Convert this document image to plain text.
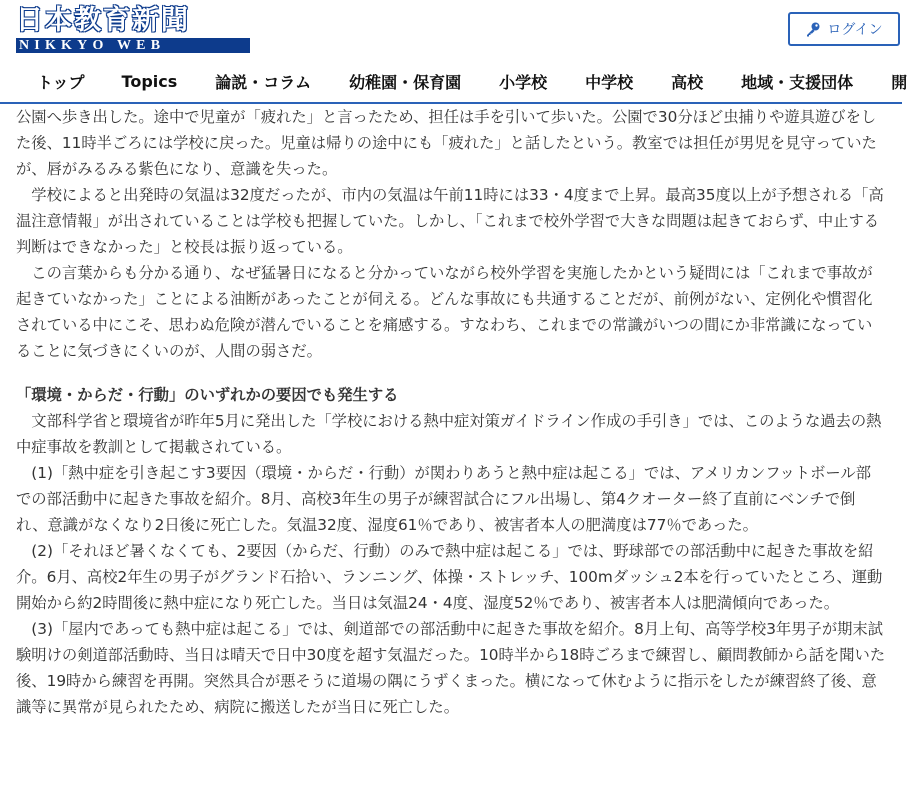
日本教育新聞
NIKKYO WEB
ログイン
トップ Topics 論説・コラム 幼稚園・保育園 小学校 中学校 高校 地域・支援団体 開

公園へ歩き出した。途中で児童が「疲れた」と言ったため、担任は手を引いて歩いた。公園で30分ほど虫捕りや遊具遊びをした後、11時半ごろには学校に戻った。児童は帰りの途中にも「疲れた」と話したという。教室では担任が男児を見守っていたが、唇がみるみる紫色になり、意識を失った。

学校によると出発時の気温は32度だったが、市内の気温は午前11時には33・4度まで上昇。最高35度以上が予想される「高温注意情報」が出されていることは学校も把握していた。しかし、「これまで校外学習で大きな問題は起きておらず、中止する判断はできなかった」と校長は振り返っている。

この言葉からも分かる通り、なぜ猛暑日になると分かっていながら校外学習を実施したかという疑問には「これまで事故が起きていなかった」ことによる油断があったことが伺える。どんな事故にも共通することだが、前例がない、定例化や慣習化されている中にこそ、思わぬ危険が潜んでいることを痛感する。すなわち、これまでの常識がいつの間にか非常識になっていることに気づきにくいのが、人間の弱さだ。

「環境・からだ・行動」のいずれかの要因でも発生する

文部科学省と環境省が昨年5月に発出した「学校における熱中症対策ガイドライン作成の手引き」では、このような過去の熱中症事故を教訓として掲載されている。

(1)「熱中症を引き起こす3要因（環境・からだ・行動）が関わりあうと熱中症は起こる」では、アメリカンフットボール部での部活動中に起きた事故を紹介。8月、高校3年生の男子が練習試合にフル出場し、第4クオーター終了直前にベンチで倒れ、意識がなくなり2日後に死亡した。気温32度、湿度61％であり、被害者本人の肥満度は77％であった。

(2)「それほど暑くなくても、2要因（からだ、行動）のみで熱中症は起こる」では、野球部での部活動中に起きた事故を紹介。6月、高校2年生の男子がグランド石拾い、ランニング、体操・ストレッチ、100mダッシュ2本を行っていたところ、運動開始から約2時間後に熱中症になり死亡した。当日は気温24・4度、湿度52％であり、被害者本人は肥満傾向であった。

(3)「屋内であっても熱中症は起こる」では、剣道部での部活動中に起きた事故を紹介。8月上旬、高等学校3年男子が期末試験明けの剣道部活動時、当日は晴天で日中30度を超す気温だった。10時半から18時ごろまで練習し、顧問教師から話を聞いた後、19時から練習を再開。突然具合が悪そうに道場の隅にうずくまった。横になって休むように指示をしたが練習終了後、意識等に異常が見られたため、病院に搬送したが当日に死亡した。
